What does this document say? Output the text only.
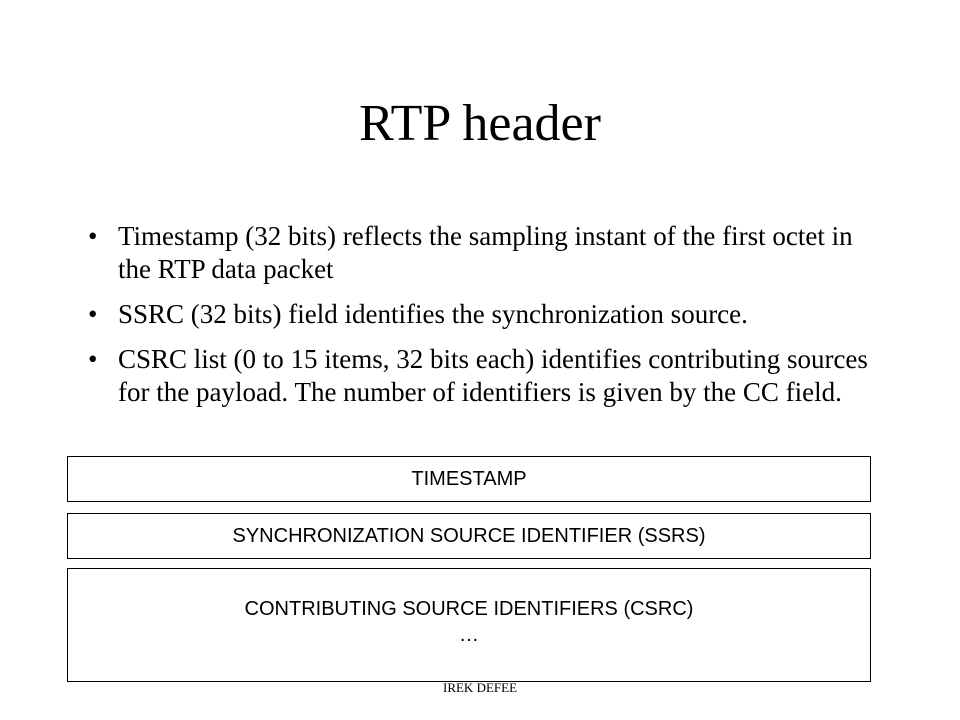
RTP header
• Timestamp (32 bits) reflects the sampling instant of the first octet in the RTP data packet
• SSRC (32 bits) field identifies the synchronization source.
• CSRC list (0 to 15 items, 32 bits each) identifies contributing sources for the payload. The number of identifiers is given by the CC field.
TIMESTAMP
SYNCHRONIZATION SOURCE IDENTIFIER (SSRS)
CONTRIBUTING SOURCE IDENTIFIERS (CSRC)
…
IREK DEFEE
